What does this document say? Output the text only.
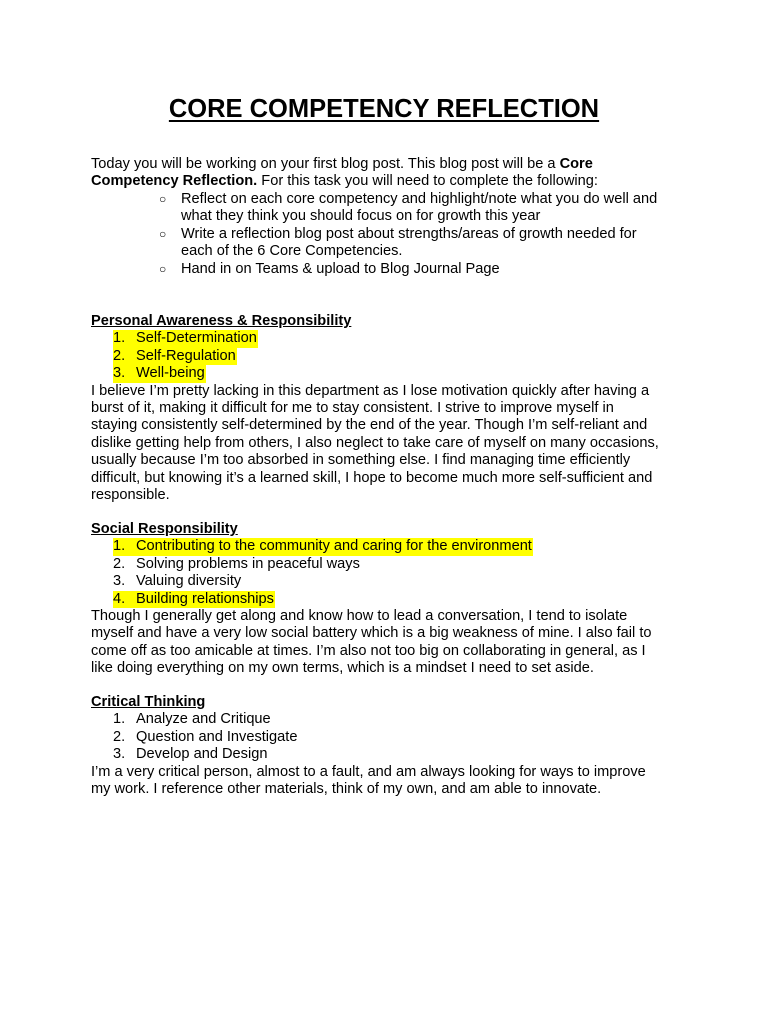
CORE COMPETENCY REFLECTION
Today you will be working on your first blog post. This blog post will be a Core
Competency Reflection. For this task you will need to complete the following:
○ Reflect on each core competency and highlight/note what you do well and
what they think you should focus on for growth this year
○ Write a reflection blog post about strengths/areas of growth needed for
each of the 6 Core Competencies.
○ Hand in on Teams & upload to Blog Journal Page
Personal Awareness & Responsibility
1. Self-Determination
2. Self-Regulation
3. Well-being
I believe I’m pretty lacking in this department as I lose motivation quickly after having a
burst of it, making it difficult for me to stay consistent. I strive to improve myself in
staying consistently self-determined by the end of the year. Though I’m self-reliant and
dislike getting help from others, I also neglect to take care of myself on many occasions,
usually because I’m too absorbed in something else. I find managing time efficiently
difficult, but knowing it’s a learned skill, I hope to become much more self-sufficient and
responsible.
Social Responsibility
1. Contributing to the community and caring for the environment
2. Solving problems in peaceful ways
3. Valuing diversity
4. Building relationships
Though I generally get along and know how to lead a conversation, I tend to isolate
myself and have a very low social battery which is a big weakness of mine. I also fail to
come off as too amicable at times. I’m also not too big on collaborating in general, as I
like doing everything on my own terms, which is a mindset I need to set aside.
Critical Thinking
1. Analyze and Critique
2. Question and Investigate
3. Develop and Design
I’m a very critical person, almost to a fault, and am always looking for ways to improve
my work. I reference other materials, think of my own, and am able to innovate.
